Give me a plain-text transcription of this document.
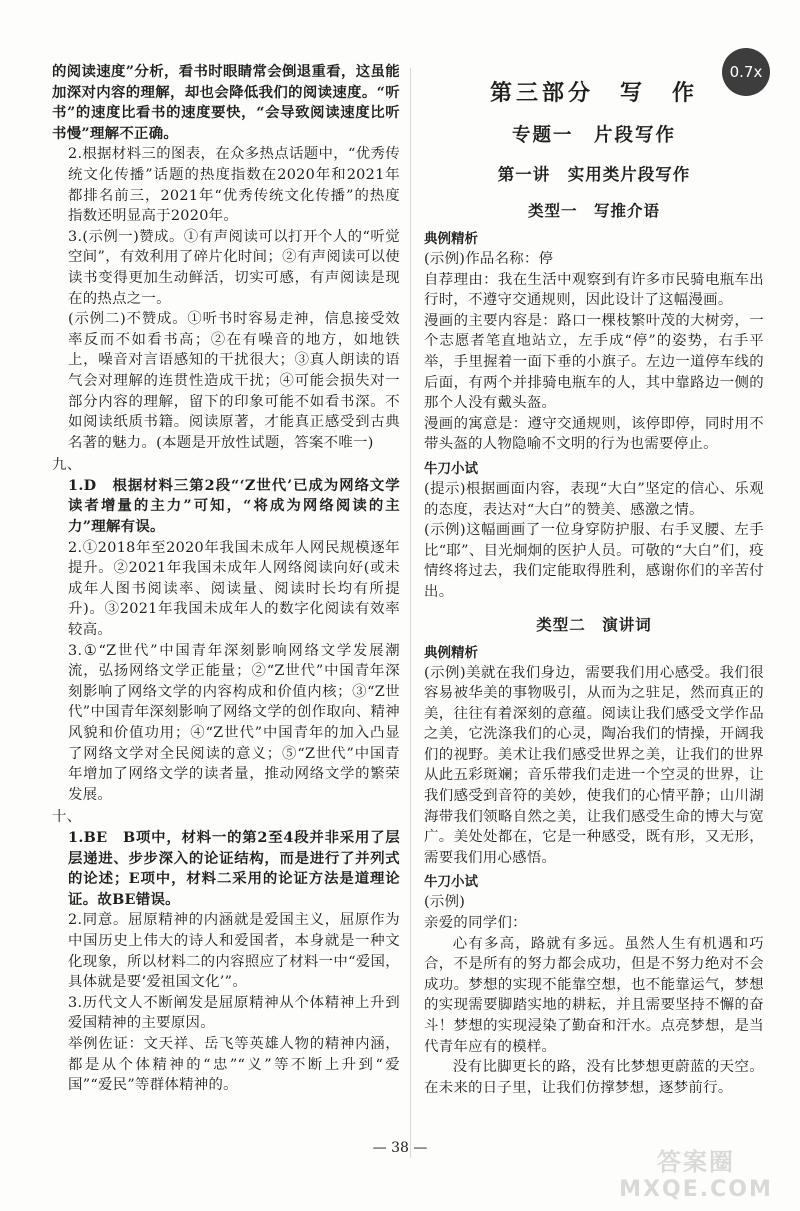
0.7x

的阅读速度”分析，看书时眼睛常会倒退重看，这虽能加深对内容的理解，却也会降低我们的阅读速度。“听书”的速度比看书的速度要快，“会导致阅读速度比听书慢”理解不正确。

2.根据材料三的图表，在众多热点话题中，“优秀传统文化传播”话题的热度指数在2020年和2021年都排名前三，2021年“优秀传统文化传播”的热度指数还明显高于2020年。

3.(示例一)赞成。①有声阅读可以打开个人的“听觉空间”，有效利用了碎片化时间；②有声阅读可以使读书变得更加生动鲜活，切实可感，有声阅读是现在的热点之一。

(示例二)不赞成。①听书时容易走神，信息接受效率反而不如看书高；②在有噪音的地方，如地铁上，噪音对言语感知的干扰很大；③真人朗读的语气会对理解的连贯性造成干扰；④可能会损失对一部分内容的理解，留下的印象可能不如看书深。不如阅读纸质书籍。阅读原著，才能真正感受到古典名著的魅力。(本题是开放性试题，答案不唯一)

九、

1.D　根据材料三第2段“‘Z世代’已成为网络文学读者增量的主力”可知，“将成为网络阅读的主力”理解有误。

2.①2018年至2020年我国未成年人网民规模逐年提升。②2021年我国未成年人网络阅读向好(或未成年人图书阅读率、阅读量、阅读时长均有所提升)。③2021年我国未成年人的数字化阅读有效率较高。

3.①“Z世代”中国青年深刻影响网络文学发展潮流，弘扬网络文学正能量；②“Z世代”中国青年深刻影响了网络文学的内容构成和价值内核；③“Z世代”中国青年深刻影响了网络文学的创作取向、精神风貌和价值功用；④“Z世代”中国青年的加入凸显了网络文学对全民阅读的意义；⑤“Z世代”中国青年增加了网络文学的读者量，推动网络文学的繁荣发展。

十、

1.BE　B项中，材料一的第2至4段并非采用了层层递进、步步深入的论证结构，而是进行了并列式的论述；E项中，材料二采用的论证方法是道理论证。故BE错误。

2.同意。屈原精神的内涵就是爱国主义，屈原作为中国历史上伟大的诗人和爱国者，本身就是一种文化现象，所以材料二的内容照应了材料一中“爱国，具体就是要‘爱祖国文化’”。

3.历代文人不断阐发是屈原精神从个体精神上升到爱国精神的主要原因。

举例佐证：文天祥、岳飞等英雄人物的精神内涵，都是从个体精神的“忠”“义”等不断上升到“爱国”“爱民”等群体精神的。

第三部分　写　作
专题一　片段写作
第一讲　实用类片段写作
类型一　写推介语
典例精析

(示例)作品名称：停

自荐理由：我在生活中观察到有许多市民骑电瓶车出行时，不遵守交通规则，因此设计了这幅漫画。

漫画的主要内容是：路口一棵枝繁叶茂的大树旁，一个志愿者笔直地站立，左手成“停”的姿势，右手平举，手里握着一面下垂的小旗子。左边一道停车线的后面，有两个并排骑电瓶车的人，其中靠路边一侧的那个人没有戴头盔。

漫画的寓意是：遵守交通规则，该停即停，同时用不带头盔的人物隐喻不文明的行为也需要停止。

牛刀小试

(提示)根据画面内容，表现“大白”坚定的信心、乐观的态度，表达对“大白”的赞美、感激之情。

(示例)这幅画画了一位身穿防护服、右手叉腰、左手比“耶”、目光炯炯的医护人员。可敬的“大白”们，疫情终将过去，我们定能取得胜利，感谢你们的辛苦付出。

类型二　演讲词
典例精析

(示例)美就在我们身边，需要我们用心感受。我们很容易被华美的事物吸引，从而为之驻足，然而真正的美，往往有着深刻的意蕴。阅读让我们感受文学作品之美，它洗涤我们的心灵，陶冶我们的情操，开阔我们的视野。美术让我们感受世界之美，让我们的世界从此五彩斑斓；音乐带我们走进一个空灵的世界，让我们感受到音符的美妙，使我们的心情平静；山川湖海带我们领略自然之美，让我们感受生命的博大与宽广。美处处都在，它是一种感受，既有形，又无形，需要我们用心感悟。

牛刀小试

(示例)

亲爱的同学们：

心有多高，路就有多远。虽然人生有机遇和巧合，不是所有的努力都会成功，但是不努力绝对不会成功。梦想的实现不能靠空想，也不能靠运气，梦想的实现需要脚踏实地的耕耘，并且需要坚持不懈的奋斗！梦想的实现浸染了勤奋和汗水。点亮梦想，是当代青年应有的模样。

没有比脚更长的路，没有比梦想更蔚蓝的天空。在未来的日子里，让我们仿撑梦想，逐梦前行。

— 38 —	答案圈
MXQE.COM
